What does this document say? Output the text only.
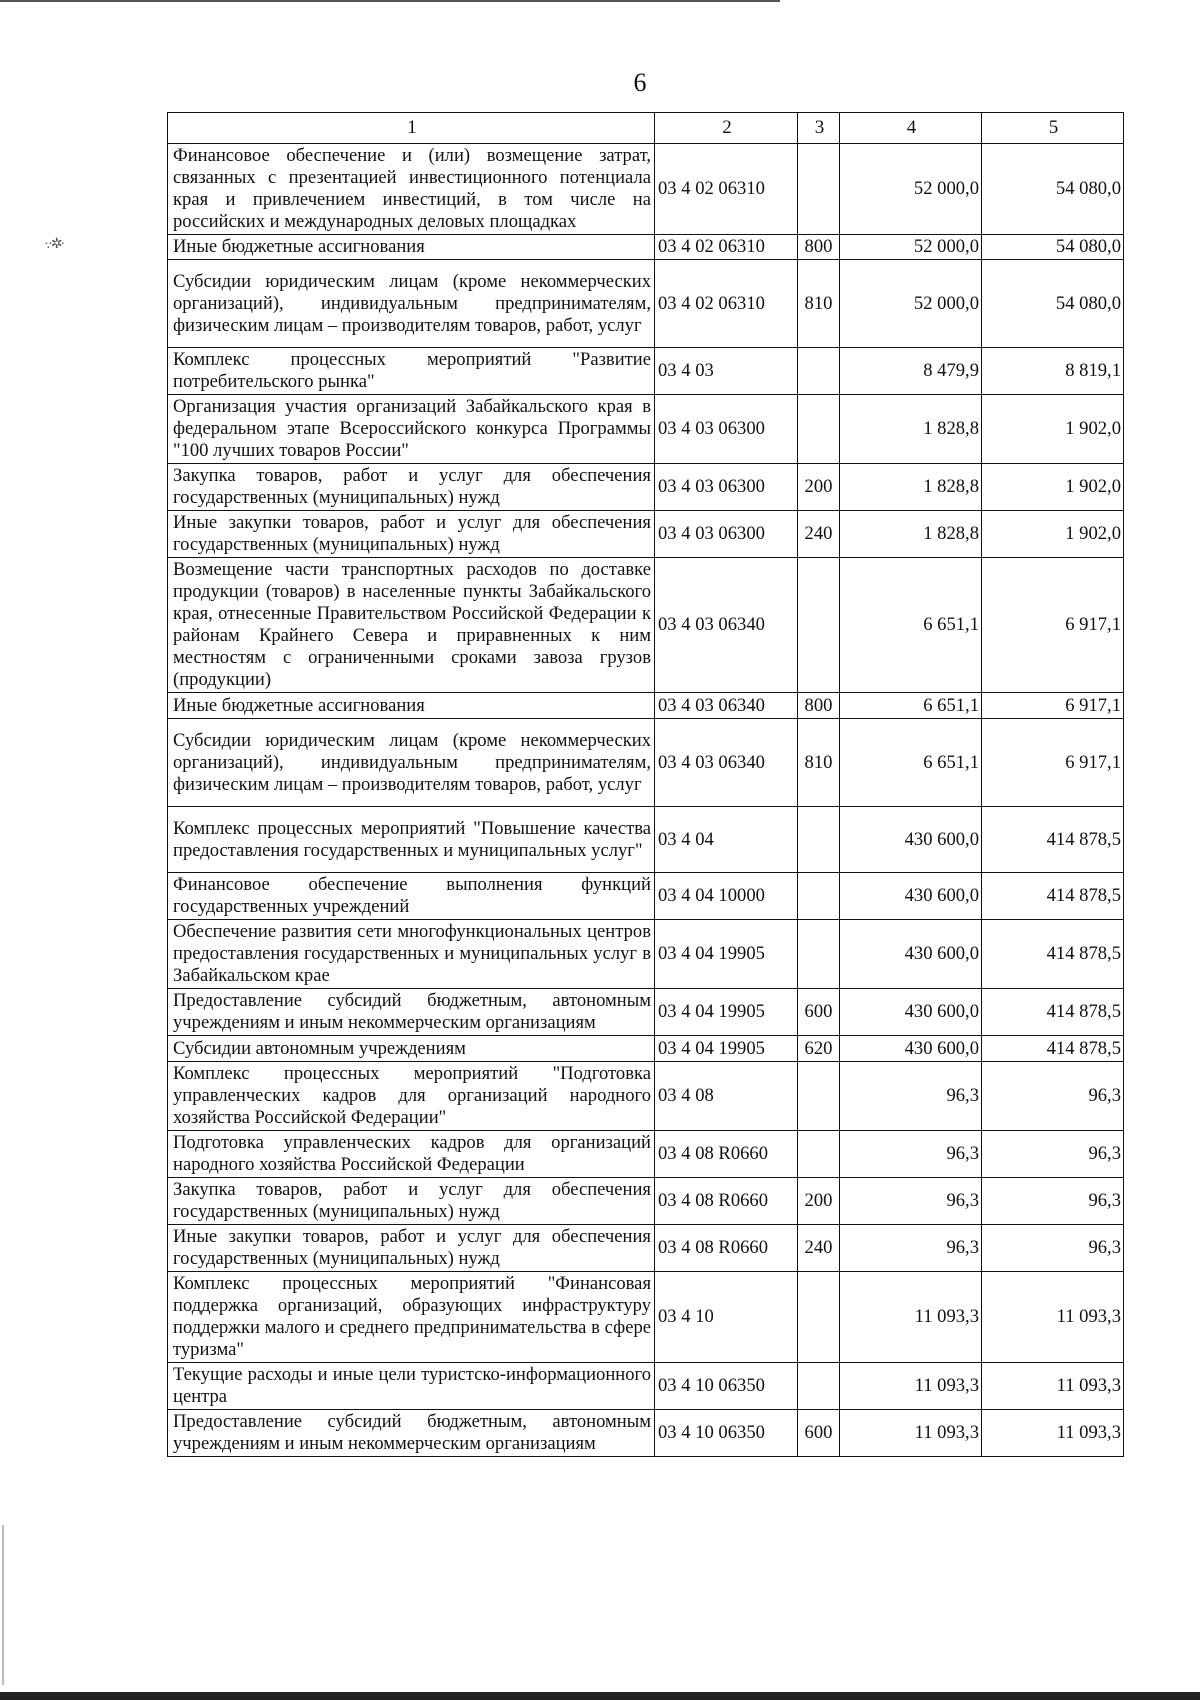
·.·✲·
6
1	2	3	4	5
Финансовое обеспечение и (или) возмещение затрат, связанных с презентацией инвестиционного потенциала края и привлечением инвестиций, в том числе на российских и международных деловых площадках	03 4 02 06310		52 000,0	54 080,0
Иные бюджетные ассигнования	03 4 02 06310	800	52 000,0	54 080,0
Субсидии юридическим лицам (кроме некоммерческих организаций), индивидуальным предпринимателям, физическим лицам – производителям товаров, работ, услуг	03 4 02 06310	810	52 000,0	54 080,0
Комплекс процессных мероприятий "Развитие потребительского рынка"	03 4 03		8 479,9	8 819,1
Организация участия организаций Забайкальского края в федеральном этапе Всероссийского конкурса Программы "100 лучших товаров России"	03 4 03 06300		1 828,8	1 902,0
Закупка товаров, работ и услуг для обеспечения государственных (муниципальных) нужд	03 4 03 06300	200	1 828,8	1 902,0
Иные закупки товаров, работ и услуг для обеспечения государственных (муниципальных) нужд	03 4 03 06300	240	1 828,8	1 902,0
Возмещение части транспортных расходов по доставке продукции (товаров) в населенные пункты Забайкальского края, отнесенные Правительством Российской Федерации к районам Крайнего Севера и приравненных к ним местностям с ограниченными сроками завоза грузов (продукции)	03 4 03 06340		6 651,1	6 917,1
Иные бюджетные ассигнования	03 4 03 06340	800	6 651,1	6 917,1
Субсидии юридическим лицам (кроме некоммерческих организаций), индивидуальным предпринимателям, физическим лицам – производителям товаров, работ, услуг	03 4 03 06340	810	6 651,1	6 917,1
Комплекс процессных мероприятий "Повышение качества предоставления государственных и муниципальных услуг"	03 4 04		430 600,0	414 878,5
Финансовое обеспечение выполнения функций государственных учреждений	03 4 04 10000		430 600,0	414 878,5
Обеспечение развития сети многофункциональных центров предоставления государственных и муниципальных услуг в Забайкальском крае	03 4 04 19905		430 600,0	414 878,5
Предоставление субсидий бюджетным, автономным учреждениям и иным некоммерческим организациям	03 4 04 19905	600	430 600,0	414 878,5
Субсидии автономным учреждениям	03 4 04 19905	620	430 600,0	414 878,5
Комплекс процессных мероприятий "Подготовка управленческих кадров для организаций народного хозяйства Российской Федерации"	03 4 08		96,3	96,3
Подготовка управленческих кадров для организаций народного хозяйства Российской Федерации	03 4 08 R0660		96,3	96,3
Закупка товаров, работ и услуг для обеспечения государственных (муниципальных) нужд	03 4 08 R0660	200	96,3	96,3
Иные закупки товаров, работ и услуг для обеспечения государственных (муниципальных) нужд	03 4 08 R0660	240	96,3	96,3
Комплекс процессных мероприятий "Финансовая поддержка организаций, образующих инфраструктуру поддержки малого и среднего предпринимательства в сфере туризма"	03 4 10		11 093,3	11 093,3
Текущие расходы и иные цели туристско-информационного центра	03 4 10 06350		11 093,3	11 093,3
Предоставление субсидий бюджетным, автономным учреждениям и иным некоммерческим организациям	03 4 10 06350	600	11 093,3	11 093,3
